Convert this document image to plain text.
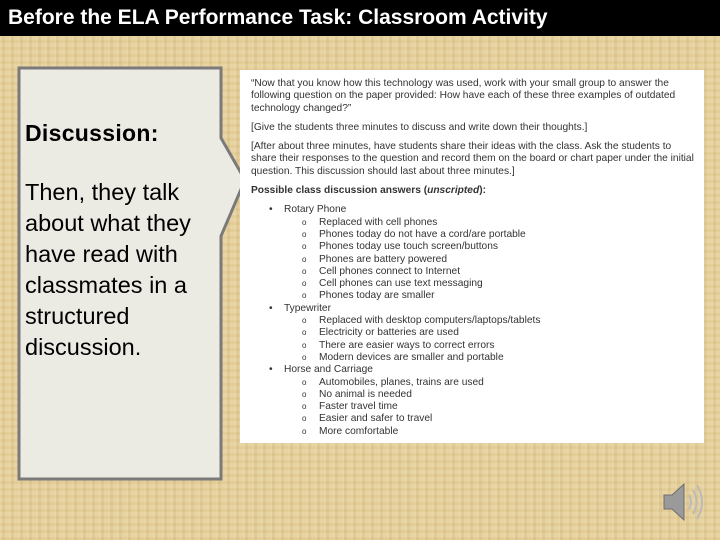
Before the ELA Performance Task: Classroom Activity
Discussion:
Then, they talk about what they have read with classmates in a structured discussion.

“Now that you know how this technology was used, work with your small group to answer the following question on the paper provided: How have each of these three examples of outdated technology changed?”

[Give the students three minutes to discuss and write down their thoughts.]

[After about three minutes, have students share their ideas with the class. Ask the students to share their responses to the question and record them on the board or chart paper under the initial question. This discussion should last about three minutes.]

Possible class discussion answers (unscripted):

• Rotary Phone
o Replaced with cell phones
o Phones today do not have a cord/are portable
o Phones today use touch screen/buttons
o Phones are battery powered
o Cell phones connect to Internet
o Cell phones can use text messaging
o Phones today are smaller
• Typewriter
o Replaced with desktop computers/laptops/tablets
o Electricity or batteries are used
o There are easier ways to correct errors
o Modern devices are smaller and portable
• Horse and Carriage
o Automobiles, planes, trains are used
o No animal is needed
o Faster travel time
o Easier and safer to travel
o More comfortable
